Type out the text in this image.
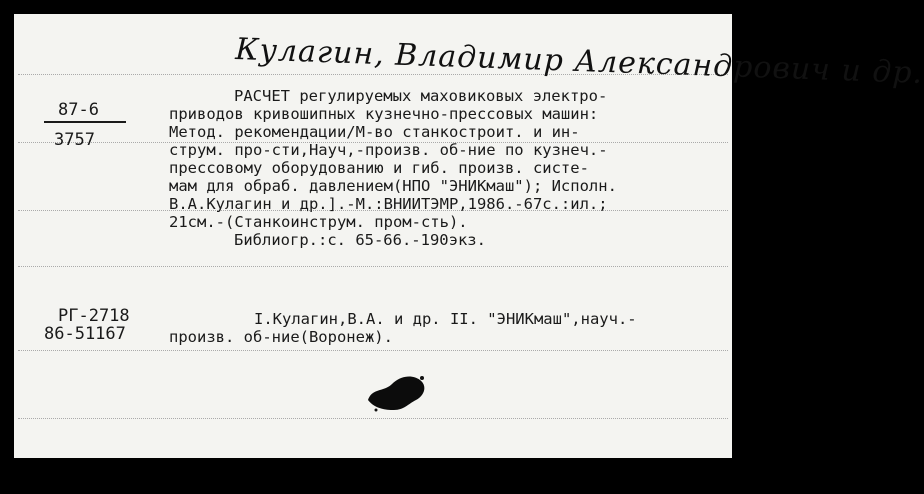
Кулагин, Владимир Александрович и др.
87-6
3757
РАСЧЕТ регулируемых маховиковых электро-
приводов кривошипных кузнечно-прессовых машин:
Метод. рекомендации/М-во станкостроит. и ин-
струм. про-сти,Науч,-произв. об-ние по кузнеч.-
прессовому оборудованию и гиб. произв. систе-
мам для обраб. давлением(НПО "ЭНИКмаш"); Исполн.
В.А.Кулагин и др.].-М.:ВНИИТЭМР,1986.-67с.:ил.;
21см.-(Станкоинструм. пром-сть).
Библиогр.:с. 65-66.-190экз.
РГ-2718
86-51167
I.Кулагин,В.А. и др. II. "ЭНИКмаш",науч.-
произв. об-ние(Воронеж).
